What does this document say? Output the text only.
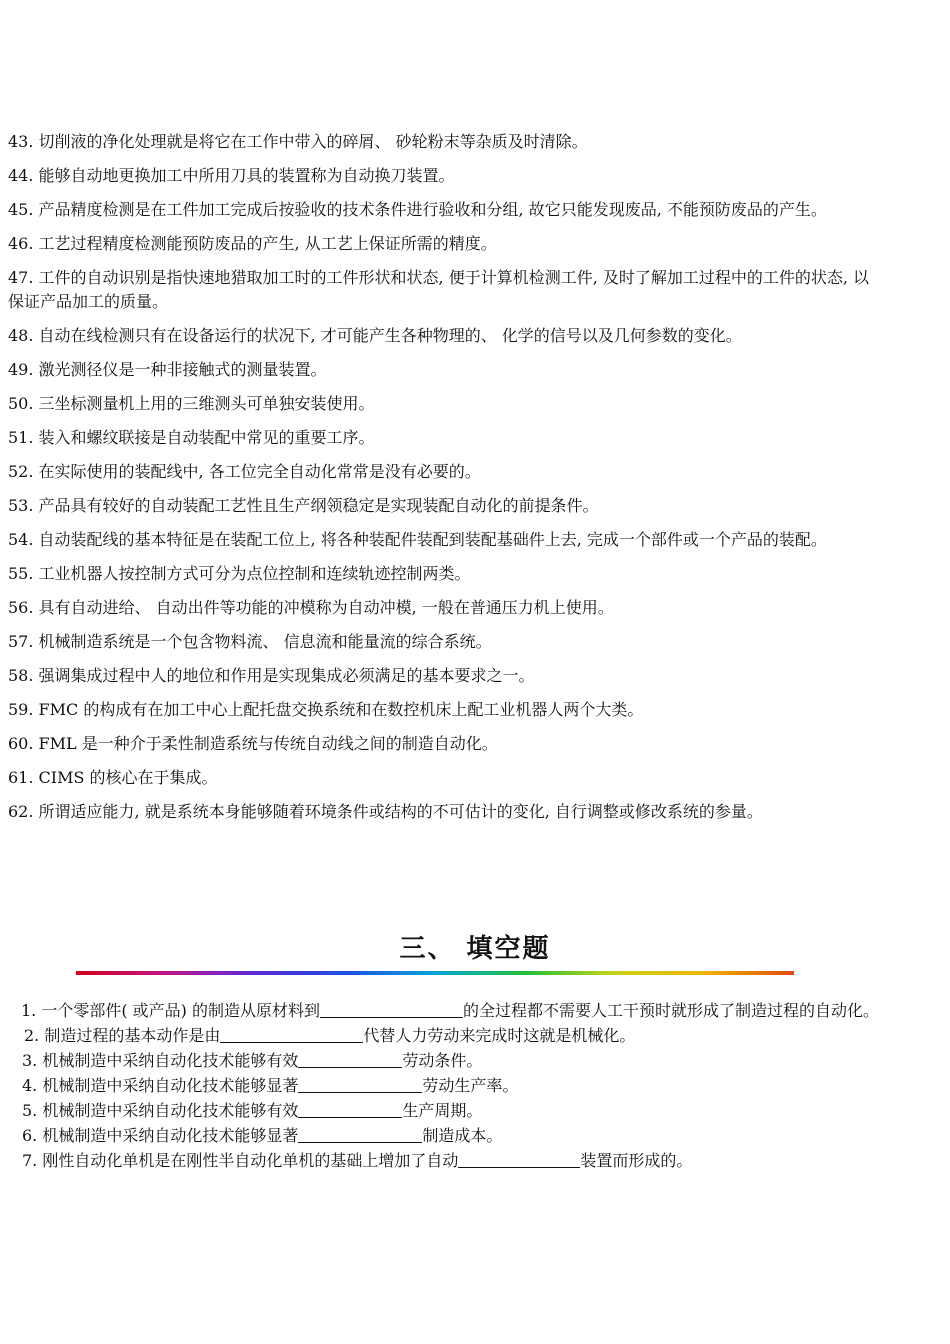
43. 切削液的净化处理就是将它在工作中带入的碎屑、 砂轮粉末等杂质及时清除。

44. 能够自动地更换加工中所用刀具的装置称为自动换刀装置。

45. 产品精度检测是在工件加工完成后按验收的技术条件进行验收和分组, 故它只能发现废品, 不能预防废品的产生。

46. 工艺过程精度检测能预防废品的产生, 从工艺上保证所需的精度。

47. 工件的自动识别是指快速地猎取加工时的工件形状和状态, 便于计算机检测工件, 及时了解加工过程中的工件的状态, 以保证产品加工的质量。

48. 自动在线检测只有在设备运行的状况下, 才可能产生各种物理的、 化学的信号以及几何参数的变化。

49. 激光测径仪是一种非接触式的测量装置。

50. 三坐标测量机上用的三维测头可单独安装使用。

51. 装入和螺纹联接是自动装配中常见的重要工序。

52. 在实际使用的装配线中, 各工位完全自动化常常是没有必要的。

53. 产品具有较好的自动装配工艺性且生产纲领稳定是实现装配自动化的前提条件。

54. 自动装配线的基本特征是在装配工位上, 将各种装配件装配到装配基础件上去, 完成一个部件或一个产品的装配。

55. 工业机器人按控制方式可分为点位控制和连续轨迹控制两类。

56. 具有自动进给、 自动出件等功能的冲模称为自动冲模, 一般在普通压力机上使用。

57. 机械制造系统是一个包含物料流、 信息流和能量流的综合系统。

58. 强调集成过程中人的地位和作用是实现集成必须满足的基本要求之一。

59. FMC 的构成有在加工中心上配托盘交换系统和在数控机床上配工业机器人两个大类。

60. FML 是一种介于柔性制造系统与传统自动线之间的制造自动化。

61. CIMS 的核心在于集成。

62. 所谓适应能力, 就是系统本身能够随着环境条件或结构的不可估计的变化, 自行调整或修改系统的参量。

三、 填空题

1. 一个零部件( 或产品) 的制造从原材料到	的全过程都不需要人工干预时就形成了制造过程的自动化。

2. 制造过程的基本动作是由	代替人力劳动来完成时这就是机械化。

3. 机械制造中采纳自动化技术能够有效	劳动条件。

4. 机械制造中采纳自动化技术能够显著	劳动生产率。

5. 机械制造中采纳自动化技术能够有效	生产周期。

6. 机械制造中采纳自动化技术能够显著	制造成本。

7. 刚性自动化单机是在刚性半自动化单机的基础上增加了自动	装置而形成的。
